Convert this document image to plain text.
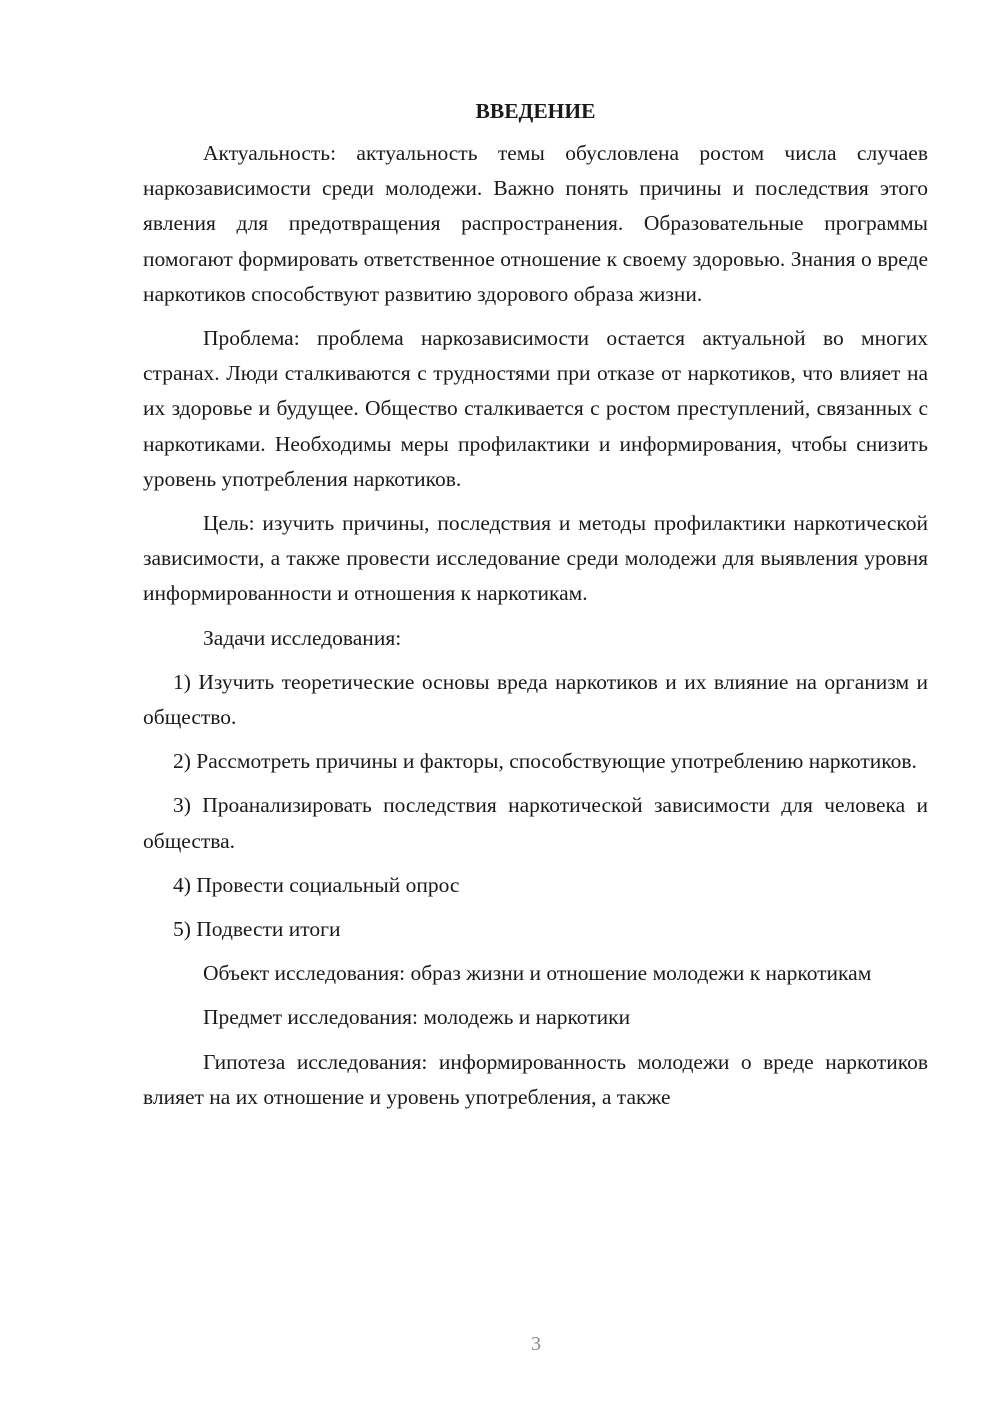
ВВЕДЕНИЕ

Актуальность: актуальность темы обусловлена ростом числа случаев наркозависимости среди молодежи. Важно понять причины и последствия этого явления для предотвращения распространения. Образовательные программы помогают формировать ответственное отношение к своему здоровью. Знания о вреде наркотиков способствуют развитию здорового образа жизни.

Проблема: проблема наркозависимости остается актуальной во многих странах. Люди сталкиваются с трудностями при отказе от наркотиков, что влияет на их здоровье и будущее. Общество сталкивается с ростом преступлений, связанных с наркотиками. Необходимы меры профилактики и информирования, чтобы снизить уровень употребления наркотиков.

Цель: изучить причины, последствия и методы профилактики наркотической зависимости, а также провести исследование среди молодежи для выявления уровня информированности и отношения к наркотикам.

Задачи исследования:

1) Изучить теоретические основы вреда наркотиков и их влияние на организм и общество.

2) Рассмотреть причины и факторы, способствующие употреблению наркотиков.

3) Проанализировать последствия наркотической зависимости для человека и общества.

4) Провести социальный опрос

5) Подвести итоги

Объект исследования: образ жизни и отношение молодежи к наркотикам

Предмет исследования: молодежь и наркотики

Гипотеза исследования: информированность молодежи о вреде наркотиков влияет на их отношение и уровень употребления, а также

3
